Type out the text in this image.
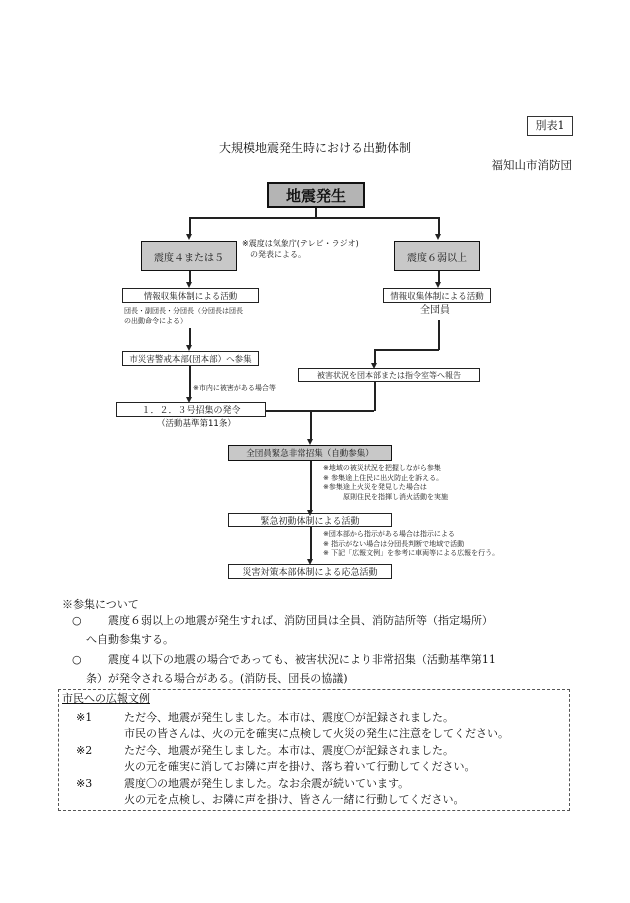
別表1
大規模地震発生時における出勤体制
福知山市消防団
地震発生
震度４または５
※震度は気象庁(テレビ・ラジオ)
の発表による。	震度６弱以上
情報収集体制による活動
団長・副団長・分団長（分団長は団長
の出動命令による）
市災害警戒本部(団本部）へ参集
※市内に被害がある場合等
１．２．３号招集の発令
（活動基準第11条）
情報収集体制による活動
全団員
被害状況を団本部または指令室等へ報告
全団員緊急非常招集（自動参集）
※地域の被災状況を把握しながら参集
※ 参集途上住民に出火防止を訴える。
※参集途上火災を発見した場合は
原則住民を指揮し消火活動を実施
緊急初動体制による活動
※団本部から指示がある場合は指示による
※ 指示がない場合は分団長判断で地域で活動
※ 下記「広報文例」を参考に車両等による広報を行う。
災害対策本部体制による応急活動
※参集について
○	震度６弱以上の地震が発生すれば、消防団員は全員、消防詰所等（指定場所）
へ自動参集する。
○	震度４以下の地震の場合であっても、被害状況により非常招集（活動基準第11
条）が発令される場合がある。(消防長、団長の協議)
市民への広報文例
※1	ただ今、地震が発生しました。本市は、震度〇が記録されました。
市民の皆さんは、火の元を確実に点検して火災の発生に注意をしてください。
※2	ただ今、地震が発生しました。本市は、震度〇が記録されました。
火の元を確実に消してお隣に声を掛け、落ち着いて行動してください。
※3	震度〇の地震が発生しました。なお余震が続いています。
火の元を点検し、お隣に声を掛け、皆さん一緒に行動してください。
